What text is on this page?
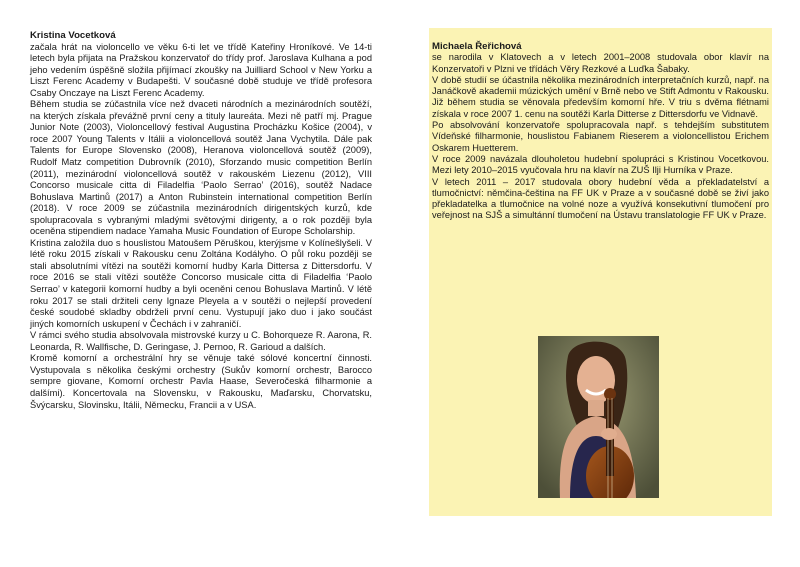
Kristina Vocetková

začala hrát na violoncello ve věku 6-ti let ve třídě Kateřiny Hroníkové. Ve 14-ti letech byla přijata na Pražskou konzervatoř do třídy prof. Jaroslava Kulhana a pod jeho vedením úspěšně složila přijímací zkoušky na Juilliard School v New Yorku a Liszt Ferenc Academy v Budapešti. V současné době studuje ve třídě profesora Csaby Onczaye na Liszt Ferenc Academy.

Během studia se zúčastnila více než dvaceti národních a mezinárodních soutěží, na kterých získala převážně první ceny a tituly laureáta. Mezi ně patří mj. Prague Junior Note (2003), Violoncellový festival Augustina Procházku Košice (2004), v roce 2007 Young Talents v Itálii a violoncellová soutěž Jana Vychytila. Dále pak Talents for Europe Slovensko (2008), Heranova violoncellová soutěž (2009), Rudolf Matz competition Dubrovník (2010), Sforzando music competition Berlín (2011), mezinárodní violoncellová soutěž v rakouském Liezenu (2012), VIII Concorso musicale citta di Filadelfia ‘Paolo Serrao’ (2016), soutěž Nadace Bohuslava Martinů (2017) a Anton Rubinstein international competition Berlín (2018). V roce 2009 se zúčastnila mezinárodních dirigentských kurzů, kde spolupracovala s vybranými mladými světovými dirigenty, a o rok později byla oceněna stipendiem nadace Yamaha Music Foundation of Europe Scholarship.

Kristina založila duo s houslistou Matoušem Pěruškou, kterýjsme v Kolínešlyšeli. V létě roku 2015 získali v Rakousku cenu Zoltána Kodályho. O půl roku později se stali absolutními vítězi na soutěži komorní hudby Karla Dittersa z Dittersdorfu. V roce 2016 se stali vítězi soutěže Concorso musicale citta di Filadelfia ‘Paolo Serrao’ v kategorii komorní hudby a byli oceněni cenou Bohuslava Martinů. V létě roku 2017 se stali držiteli ceny Ignaze Pleyela a v soutěži o nejlepší provedení české soudobé skladby obdrželi první cenu. Vystupují jako duo i jako součást jiných komorních uskupení v Čechách i v zahraničí.

V rámci svého studia absolvovala mistrovské kurzy u C. Bohorqueze R. Aarona, R. Leonarda, R. Wallfische, D. Geringase, J. Pernoo, R. Garioud a dalších.

Kromě komorní a orchestrální hry se věnuje také sólové koncertní činnosti. Vystupovala s několika českými orchestry (Sukův komorní orchestr, Barocco sempre giovane, Komorní orchestr Pavla Haase, Severočeská filharmonie a dalšími). Koncertovala na Slovensku, v Rakousku, Maďarsku, Chorvatsku, Švýcarsku, Slovinsku, Itálii, Německu, Francii a v USA.

Michaela Řeřichová

se narodila v Klatovech a v letech 2001–2008 studovala obor klavír na Konzervatoři v Plzni ve třídách Věry Rezkové a Luďka Šabaky.

V době studií se účastnila několika mezinárodních interpretačních kurzů, např. na Janáčkově akademii múzických umění v Brně nebo ve Stift Admontu v Rakousku. Již během studia se věnovala především komorní hře. V triu s dvěma flétnami získala v roce 2007 1. cenu na soutěži Karla Dittersе z Dittersdorfu ve Vidnavě.

Po absolvování konzervatoře spolupracovala např. s tehdejším substitutem Vídeňské filharmonie, houslistou Fabianem Rieserem a violoncellistou Erichem Oskarem Huetterem.

V roce 2009 navázala dlouholetou hudební spolupráci s Kristinou Vocetkovou. Mezi lety 2010–2015 vyučovala hru na klavír na ZUŠ Ilji Hurníka v Praze.

V letech 2011 – 2017 studovala obory hudební věda a překladatelství a tlumočnictví: němčina-čeština na FF UK v Praze a v současné době se živí jako překladatelka a tlumočnice na volné noze a využívá konsekutivní tlumočení pro veřejnost na SJŠ a simultánní tlumočení na Ústavu translatologie FF UK v Praze.
